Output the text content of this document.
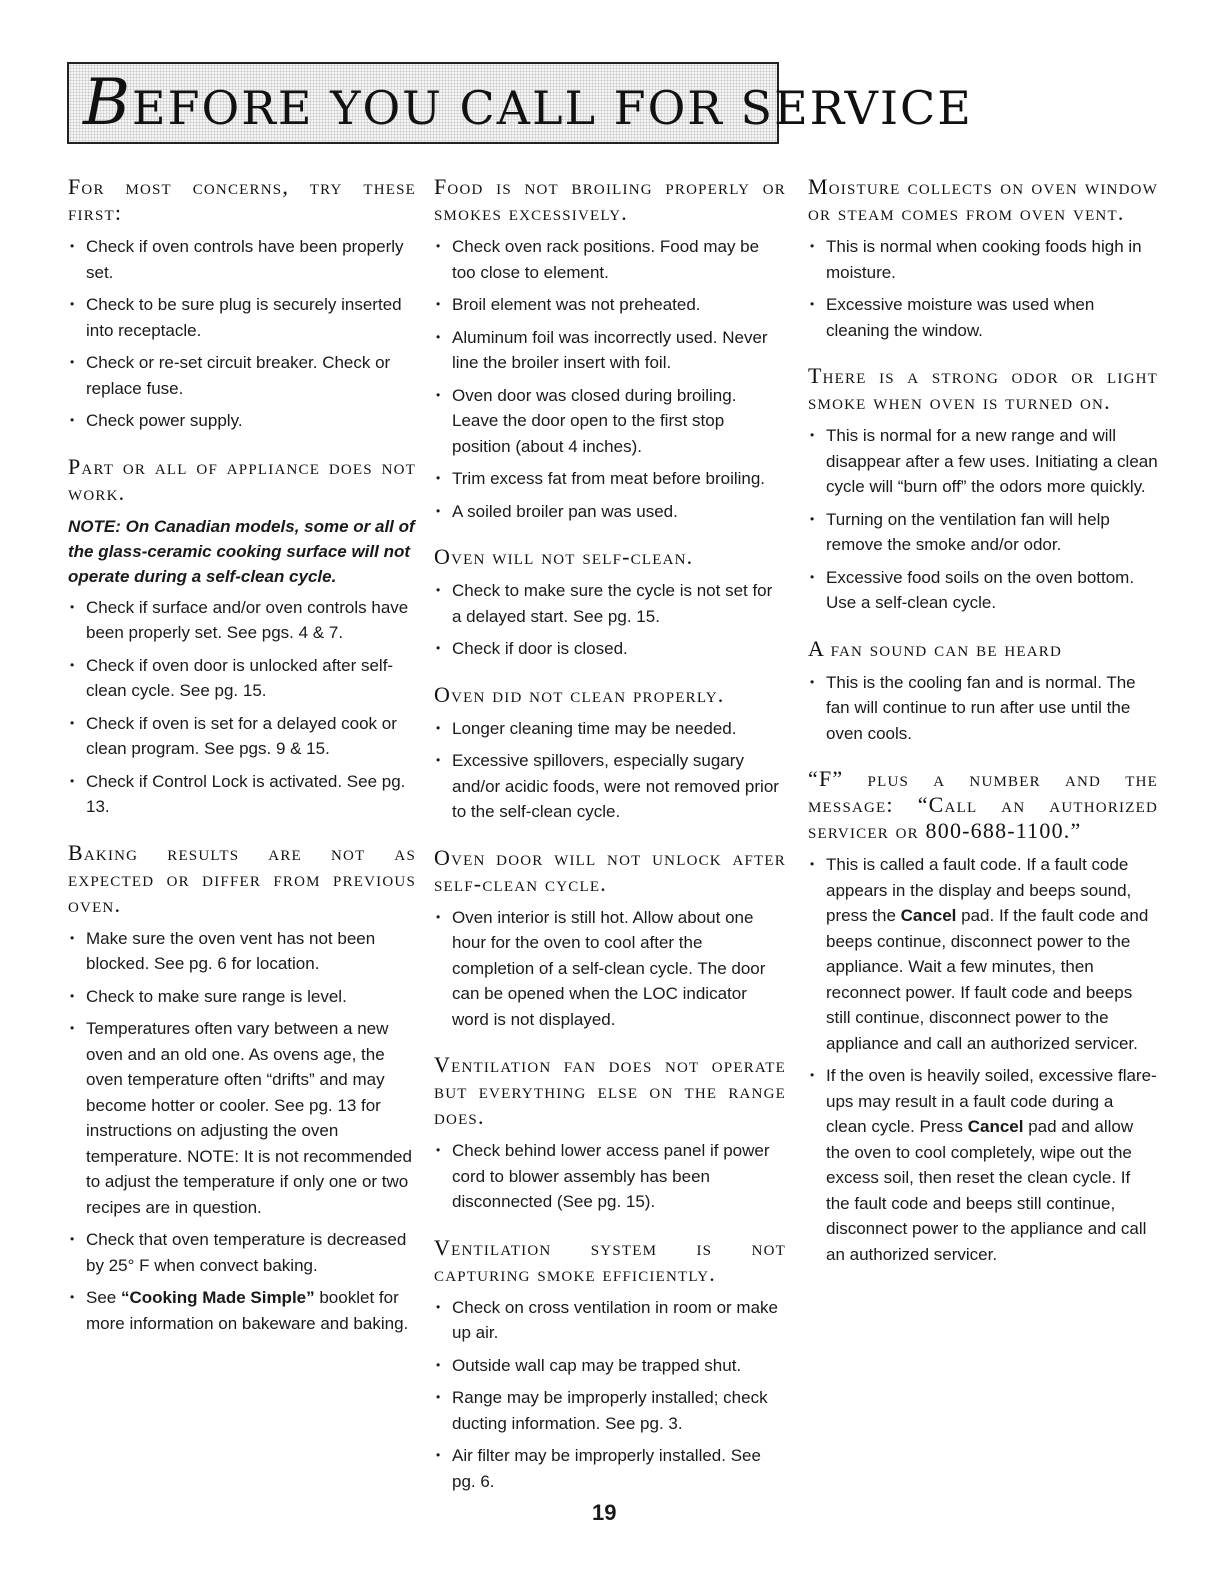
BEFORE YOU CALL FOR SERVICE
For most concerns, try these first:
• Check if oven controls have been properly set.
• Check to be sure plug is securely inserted into receptacle.
• Check or re-set circuit breaker. Check or replace fuse.
• Check power supply.
Part or all of appliance does not work.

NOTE: On Canadian models, some or all of the glass-ceramic cooking surface will not operate during a self-clean cycle.

• Check if surface and/or oven controls have been properly set. See pgs. 4 & 7.
• Check if oven door is unlocked after self-clean cycle. See pg. 15.
• Check if oven is set for a delayed cook or clean program. See pgs. 9 & 15.
• Check if Control Lock is activated. See pg. 13.
Baking results are not as expected or differ from previous oven.
• Make sure the oven vent has not been blocked. See pg. 6 for location.
• Check to make sure range is level.
• Temperatures often vary between a new oven and an old one. As ovens age, the oven temperature often “drifts” and may become hotter or cooler. See pg. 13 for instructions on adjusting the oven temperature. NOTE: It is not recommended to adjust the temperature if only one or two recipes are in question.
• Check that oven temperature is decreased by 25° F when convect baking.
• See “Cooking Made Simple” booklet for more information on bakeware and baking.
Food is not broiling properly or smokes excessively.
• Check oven rack positions. Food may be too close to element.
• Broil element was not preheated.
• Aluminum foil was incorrectly used. Never line the broiler insert with foil.
• Oven door was closed during broiling. Leave the door open to the first stop position (about 4 inches).
• Trim excess fat from meat before broiling.
• A soiled broiler pan was used.
Oven will not self-clean.
• Check to make sure the cycle is not set for a delayed start. See pg. 15.
• Check if door is closed.
Oven did not clean properly.
• Longer cleaning time may be needed.
• Excessive spillovers, especially sugary and/or acidic foods, were not removed prior to the self-clean cycle.
Oven door will not unlock after self-clean cycle.
• Oven interior is still hot. Allow about one hour for the oven to cool after the completion of a self-clean cycle. The door can be opened when the LOC indicator word is not displayed.
Ventilation fan does not operate but everything else on the range does.
• Check behind lower access panel if power cord to blower assembly has been disconnected (See pg. 15).
Ventilation system is not capturing smoke efficiently.
• Check on cross ventilation in room or make up air.
• Outside wall cap may be trapped shut.
• Range may be improperly installed; check ducting information. See pg. 3.
• Air filter may be improperly installed. See pg. 6.
Moisture collects on oven window or steam comes from oven vent.
• This is normal when cooking foods high in moisture.
• Excessive moisture was used when cleaning the window.
There is a strong odor or light smoke when oven is turned on.
• This is normal for a new range and will disappear after a few uses. Initiating a clean cycle will “burn off” the odors more quickly.
• Turning on the ventilation fan will help remove the smoke and/or odor.
• Excessive food soils on the oven bottom. Use a self-clean cycle.
A fan sound can be heard
• This is the cooling fan and is normal. The fan will continue to run after use until the oven cools.
“F” plus a number and the message: “Call an authorized servicer or 800-688-1100.”
• This is called a fault code. If a fault code appears in the display and beeps sound, press the Cancel pad. If the fault code and beeps continue, disconnect power to the appliance. Wait a few minutes, then reconnect power. If fault code and beeps still continue, disconnect power to the appliance and call an authorized servicer.
• If the oven is heavily soiled, excessive flare-ups may result in a fault code during a clean cycle. Press Cancel pad and allow the oven to cool completely, wipe out the excess soil, then reset the clean cycle. If the fault code and beeps still continue, disconnect power to the appliance and call an authorized servicer.
19
